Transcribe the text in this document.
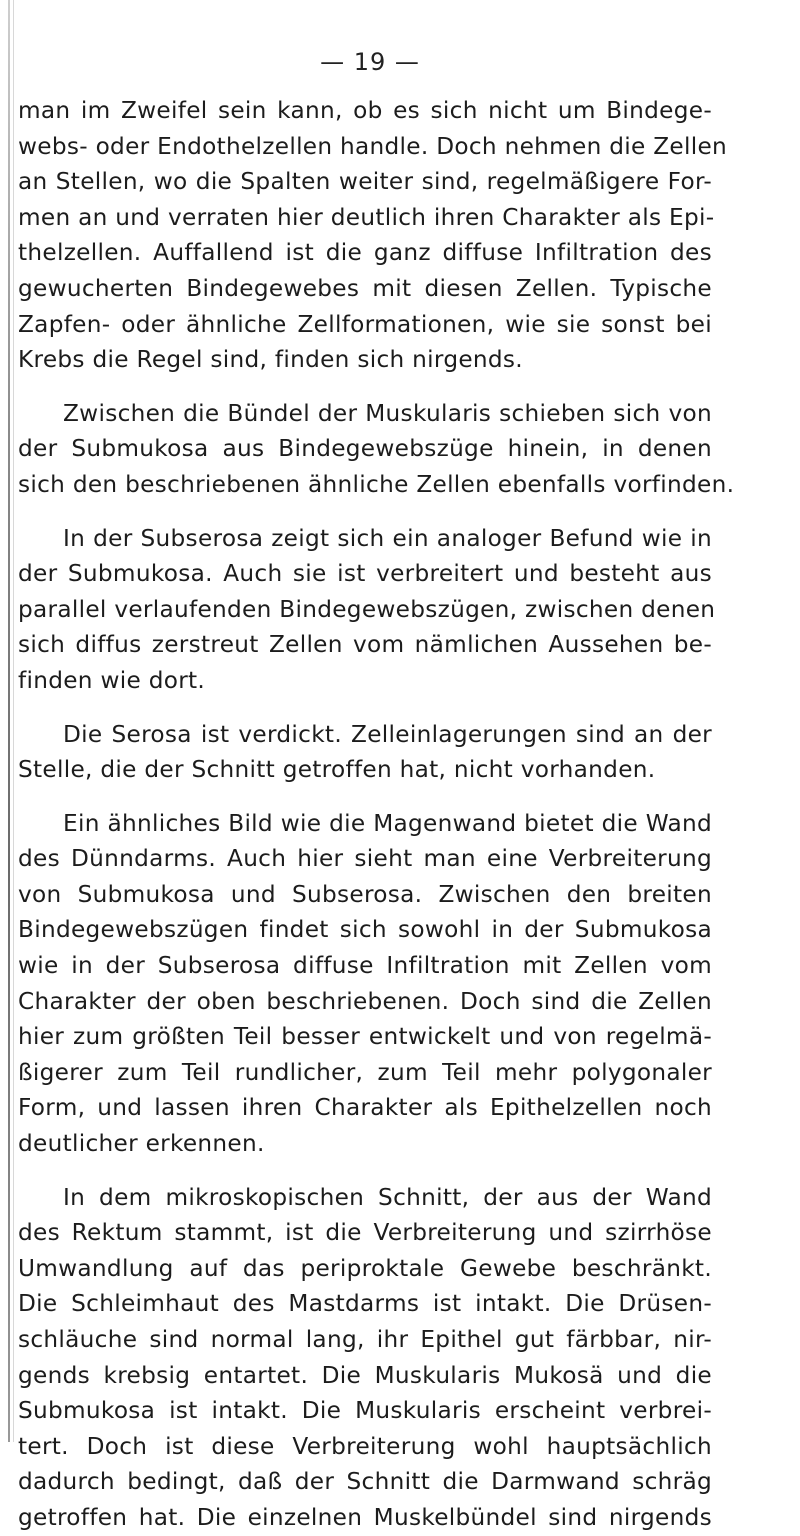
— 19 —
man im Zweifel sein kann, ob es sich nicht um Bindege-
webs- oder Endothelzellen handle. Doch nehmen die Zellen
an Stellen, wo die Spalten weiter sind, regelmäßigere For-
men an und verraten hier deutlich ihren Charakter als Epi-
thelzellen. Auffallend ist die ganz diffuse Infiltration des
gewucherten Bindegewebes mit diesen Zellen. Typische
Zapfen- oder ähnliche Zellformationen, wie sie sonst bei
Krebs die Regel sind, finden sich nirgends.
Zwischen die Bündel der Muskularis schieben sich von
der Submukosa aus Bindegewebszüge hinein, in denen
sich den beschriebenen ähnliche Zellen ebenfalls vorfinden.
In der Subserosa zeigt sich ein analoger Befund wie in
der Submukosa. Auch sie ist verbreitert und besteht aus
parallel verlaufenden Bindegewebszügen, zwischen denen
sich diffus zerstreut Zellen vom nämlichen Aussehen be-
finden wie dort.
Die Serosa ist verdickt. Zelleinlagerungen sind an der
Stelle, die der Schnitt getroffen hat, nicht vorhanden.
Ein ähnliches Bild wie die Magenwand bietet die Wand
des Dünndarms. Auch hier sieht man eine Verbreiterung
von Submukosa und Subserosa. Zwischen den breiten
Bindegewebszügen findet sich sowohl in der Submukosa
wie in der Subserosa diffuse Infiltration mit Zellen vom
Charakter der oben beschriebenen. Doch sind die Zellen
hier zum größten Teil besser entwickelt und von regelmä-
ßigerer zum Teil rundlicher, zum Teil mehr polygonaler
Form, und lassen ihren Charakter als Epithelzellen noch
deutlicher erkennen.
In dem mikroskopischen Schnitt, der aus der Wand
des Rektum stammt, ist die Verbreiterung und szirrhöse
Umwandlung auf das periproktale Gewebe beschränkt.
Die Schleimhaut des Mastdarms ist intakt. Die Drüsen-
schläuche sind normal lang, ihr Epithel gut färbbar, nir-
gends krebsig entartet. Die Muskularis Mukosä und die
Submukosa ist intakt. Die Muskularis erscheint verbrei-
tert. Doch ist diese Verbreiterung wohl hauptsächlich
dadurch bedingt, daß der Schnitt die Darmwand schräg
getroffen hat. Die einzelnen Muskelbündel sind nirgends
